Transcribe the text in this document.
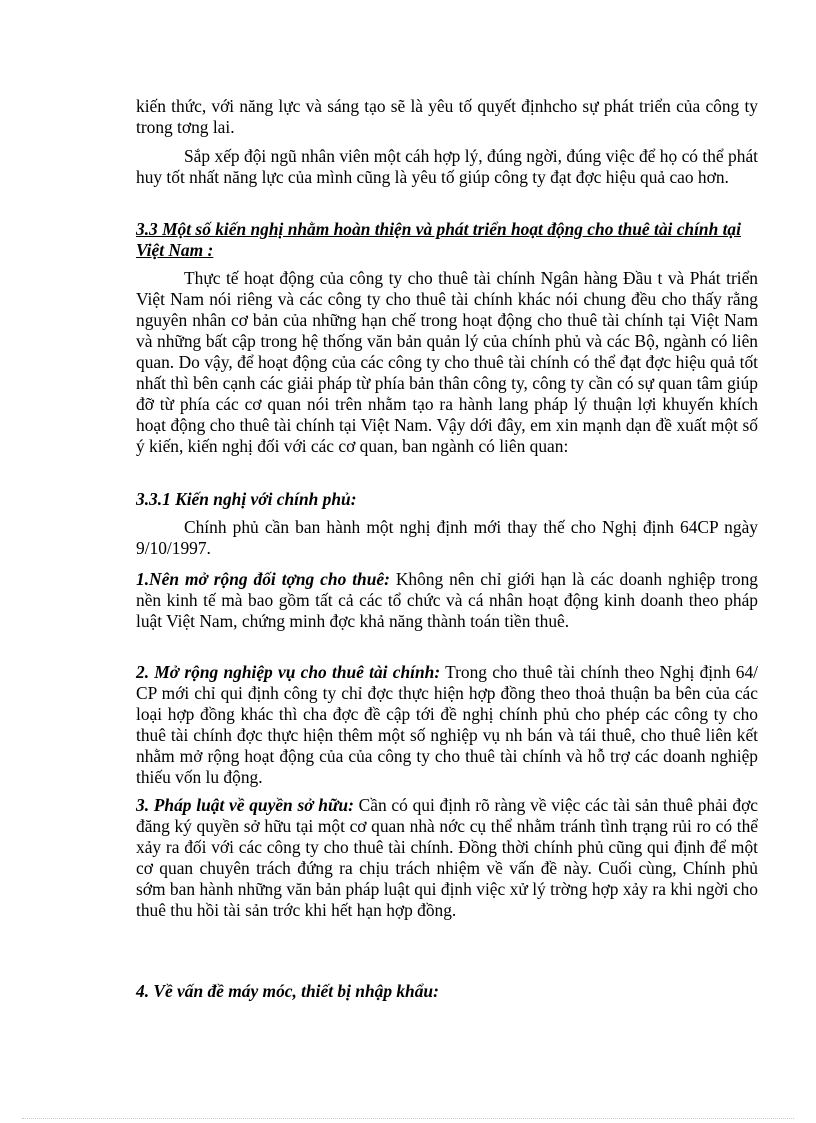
kiến thức, với năng lực và sáng tạo sẽ là yêu tố quyết địnhcho sự phát triển của công ty trong tơng lai.

Sắp xếp đội ngũ nhân viên một cáh hợp lý, đúng ngời, đúng việc để họ có thể phát huy tốt nhất năng lực của mình cũng là yêu tố giúp công ty đạt đợc hiệu quả cao hơn.

3.3 Một số kiến nghị nhằm hoàn thiện và phát triển hoạt động cho thuê tài chính tại Việt Nam :

Thực tế hoạt động của công ty cho thuê tài chính Ngân hàng Đầu t và Phát triển Việt Nam nói riêng và các công ty cho thuê tài chính khác nói chung đều cho thấy rằng nguyên nhân cơ bản của những hạn chế trong hoạt động cho thuê tài chính tại Việt Nam và những bất cập trong hệ thống văn bản quản lý của chính phủ và các Bộ, ngành có liên quan. Do vậy, để hoạt động của các công ty cho thuê tài chính có thể đạt đợc hiệu quả tốt nhất thì bên cạnh các giải pháp từ phía bản thân công ty, công ty cần có sự quan tâm giúp đỡ từ phía các cơ quan nói trên nhằm tạo ra hành lang pháp lý thuận lợi khuyến khích hoạt động cho thuê tài chính tại Việt Nam. Vậy dới đây, em xin mạnh dạn đề xuất một số ý kiến, kiến nghị đối với các cơ quan, ban ngành có liên quan:

3.3.1 Kiến nghị với chính phủ:

Chính phủ cần ban hành một nghị định mới thay thế cho Nghị định 64CP ngày 9/10/1997.

1.Nên mở rộng đối tợng cho thuê: Không nên chỉ giới hạn là các doanh nghiệp trong nền kinh tế mà bao gồm tất cả các tổ chức và cá nhân hoạt động kinh doanh theo pháp luật Việt Nam, chứng minh đợc khả năng thành toán tiền thuê.

2. Mở rộng nghiệp vụ cho thuê tài chính: Trong cho thuê tài chính theo Nghị định 64/ CP mới chỉ qui định công ty chỉ đợc thực hiện hợp đồng theo thoả thuận ba bên của các loại hợp đồng khác thì cha đợc đề cập tới đề nghị chính phủ cho phép các công ty cho thuê tài chính đợc thực hiện thêm một số nghiệp vụ nh bán và tái thuê, cho thuê liên kết nhằm mở rộng hoạt động của của công ty cho thuê tài chính và hỗ trợ các doanh nghiệp thiếu vốn lu động.

3. Pháp luật về quyền sở hữu: Cần có qui định rõ ràng về việc các tài sản thuê phải đợc đăng ký quyền sở hữu tại một cơ quan nhà nớc cụ thể nhằm tránh tình trạng rủi ro có thể xảy ra đối với các công ty cho thuê tài chính. Đồng thời chính phủ cũng qui định để một cơ quan chuyên trách đứng ra chịu trách nhiệm về vấn đề này. Cuối cùng, Chính phủ sớm ban hành những văn bản pháp luật qui định việc xử lý trờng hợp xảy ra khi ngời cho thuê thu hồi tài sản trớc khi hết hạn hợp đồng.

4. Về vấn đề máy móc, thiết bị nhập khẩu:
